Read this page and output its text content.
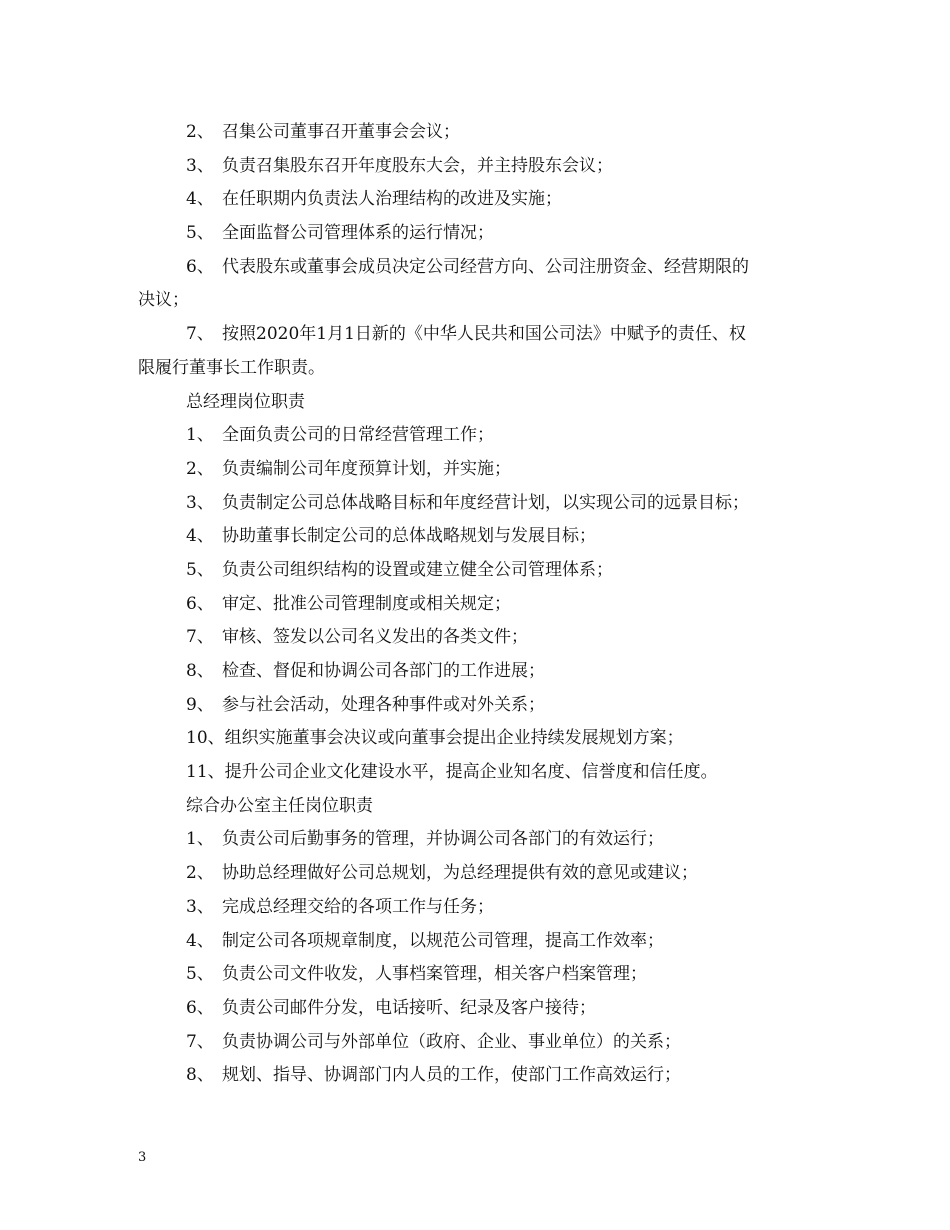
2、 召集公司董事召开董事会会议；
3、 负责召集股东召开年度股东大会，并主持股东会议；
4、 在任职期内负责法人治理结构的改进及实施；
5、 全面监督公司管理体系的运行情况；
6、 代表股东或董事会成员决定公司经营方向、公司注册资金、经营期限的
决议；
7、 按照2020年1月1日新的《中华人民共和国公司法》中赋予的责任、权
限履行董事长工作职责。
总经理岗位职责
1、 全面负责公司的日常经营管理工作；
2、 负责编制公司年度预算计划，并实施；
3、 负责制定公司总体战略目标和年度经营计划，以实现公司的远景目标；
4、 协助董事长制定公司的总体战略规划与发展目标；
5、 负责公司组织结构的设置或建立健全公司管理体系；
6、 审定、批准公司管理制度或相关规定；
7、 审核、签发以公司名义发出的各类文件；
8、 检查、督促和协调公司各部门的工作进展；
9、 参与社会活动，处理各种事件或对外关系；
10、组织实施董事会决议或向董事会提出企业持续发展规划方案；
11、提升公司企业文化建设水平，提高企业知名度、信誉度和信任度。
综合办公室主任岗位职责
1、 负责公司后勤事务的管理，并协调公司各部门的有效运行；
2、 协助总经理做好公司总规划，为总经理提供有效的意见或建议；
3、 完成总经理交给的各项工作与任务；
4、 制定公司各项规章制度，以规范公司管理，提高工作效率；
5、 负责公司文件收发，人事档案管理，相关客户档案管理；
6、 负责公司邮件分发，电话接听、纪录及客户接待；
7、 负责协调公司与外部单位（政府、企业、事业单位）的关系；
8、 规划、指导、协调部门内人员的工作，使部门工作高效运行；
3
